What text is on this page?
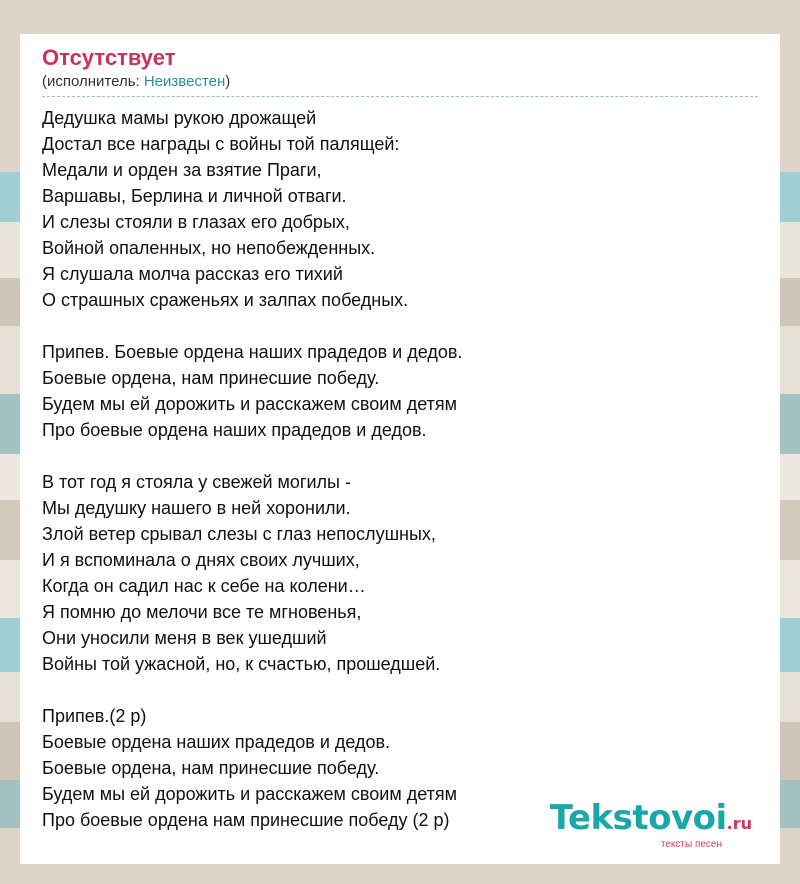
Отсутствует
(исполнитель: Неизвестен)
Дедушка мамы рукою дрожащей
Достал все награды с войны той палящей:
Медали и орден за взятие Праги,
Варшавы, Берлина и личной отваги.
И слезы стояли в глазах его добрых,
Войной опаленных, но непобежденных.
Я слушала молча рассказ его тихий
О страшных сраженьях и залпах победных.
Припев. Боевые ордена наших прадедов и дедов.
Боевые ордена, нам принесшие победу.
Будем мы ей дорожить и расскажем своим детям
Про боевые ордена наших прадедов и дедов.
В тот год я стояла у свежей могилы -
Мы дедушку нашего в ней хоронили.
Злой ветер срывал слезы с глаз непослушных,
И я вспоминала о днях своих лучших,
Когда он садил нас к себе на колени…
Я помню до мелочи все те мгновенья,
Они уносили меня в век ушедший
Войны той ужасной, но, к счастью, прошедшей.
Припев.(2 р)
Боевые ордена наших прадедов и дедов.
Боевые ордена, нам принесшие победу.
Будем мы ей дорожить и расскажем своим детям
Про боевые ордена нам принесшие победу (2 р)	Tekstovoi.ru
тексты песен
